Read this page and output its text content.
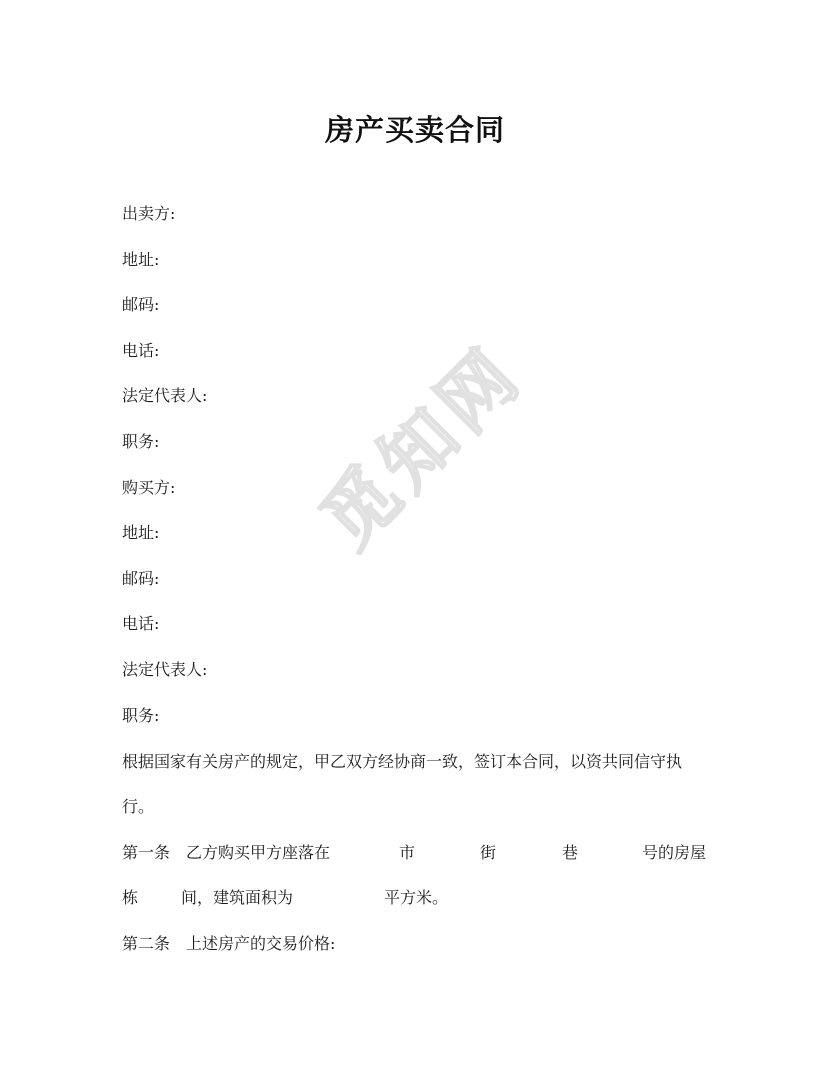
觅知网
房产买卖合同
出卖方:
地址:
邮码:
电话:
法定代表人:
职务:
购买方:
地址:
邮码:
电话:
法定代表人:
职务:
根据国家有关房产的规定，甲乙双方经协商一致，签订本合同，以资共同信守执
行。
第一条　乙方购买甲方座落在	市	街	巷	号的房屋
栋	间，建筑面积为	平方米。
第二条　上述房产的交易价格:
